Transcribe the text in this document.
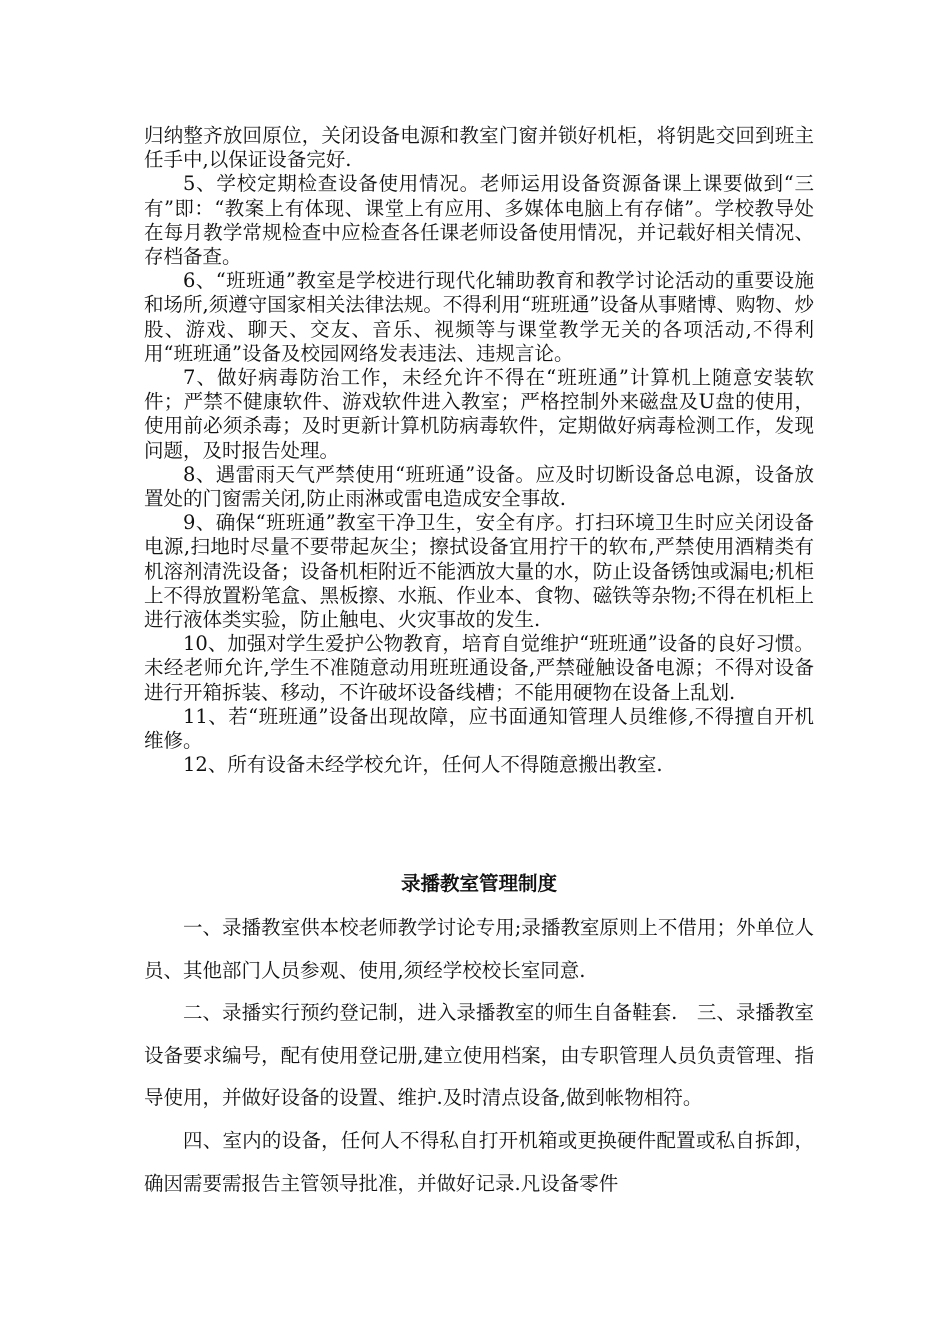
归纳整齐放回原位，关闭设备电源和教室门窗并锁好机柜，将钥匙交回到班主任手中,以保证设备完好.

5、学校定期检查设备使用情况。老师运用设备资源备课上课要做到“三有”即：“教案上有体现、课堂上有应用、多媒体电脑上有存储”。学校教导处在每月教学常规检查中应检查各任课老师设备使用情况，并记载好相关情况、存档备查。

6、“班班通”教室是学校进行现代化辅助教育和教学讨论活动的重要设施和场所,须遵守国家相关法律法规。不得利用“班班通”设备从事赌博、购物、炒股、游戏、聊天、交友、音乐、视频等与课堂教学无关的各项活动,不得利用“班班通”设备及校园网络发表违法、违规言论。

7、做好病毒防治工作，未经允许不得在“班班通”计算机上随意安装软件；严禁不健康软件、游戏软件进入教室；严格控制外来磁盘及U盘的使用，使用前必须杀毒；及时更新计算机防病毒软件，定期做好病毒检测工作，发现问题，及时报告处理。

8、遇雷雨天气严禁使用“班班通”设备。应及时切断设备总电源，设备放置处的门窗需关闭,防止雨淋或雷电造成安全事故.

9、确保“班班通”教室干净卫生，安全有序。打扫环境卫生时应关闭设备电源,扫地时尽量不要带起灰尘；擦拭设备宜用拧干的软布,严禁使用酒精类有机溶剂清洗设备；设备机柜附近不能洒放大量的水，防止设备锈蚀或漏电;机柜上不得放置粉笔盒、黑板擦、水瓶、作业本、食物、磁铁等杂物;不得在机柜上进行液体类实验，防止触电、火灾事故的发生.

10、加强对学生爱护公物教育，培育自觉维护“班班通”设备的良好习惯。未经老师允许,学生不准随意动用班班通设备,严禁碰触设备电源；不得对设备进行开箱拆装、移动，不许破坏设备线槽；不能用硬物在设备上乱划.

11、若“班班通”设备出现故障，应书面通知管理人员维修,不得擅自开机维修。

12、所有设备未经学校允许，任何人不得随意搬出教室.

录播教室管理制度

一、录播教室供本校老师教学讨论专用;录播教室原则上不借用；外单位人员、其他部门人员参观、使用,须经学校校长室同意.

二、录播实行预约登记制，进入录播教室的师生自备鞋套.　三、录播教室设备要求编号，配有使用登记册,建立使用档案，由专职管理人员负责管理、指导使用，并做好设备的设置、维护.及时清点设备,做到帐物相符。

四、室内的设备，任何人不得私自打开机箱或更换硬件配置或私自拆卸，确因需要需报告主管领导批准，并做好记录.凡设备零件
